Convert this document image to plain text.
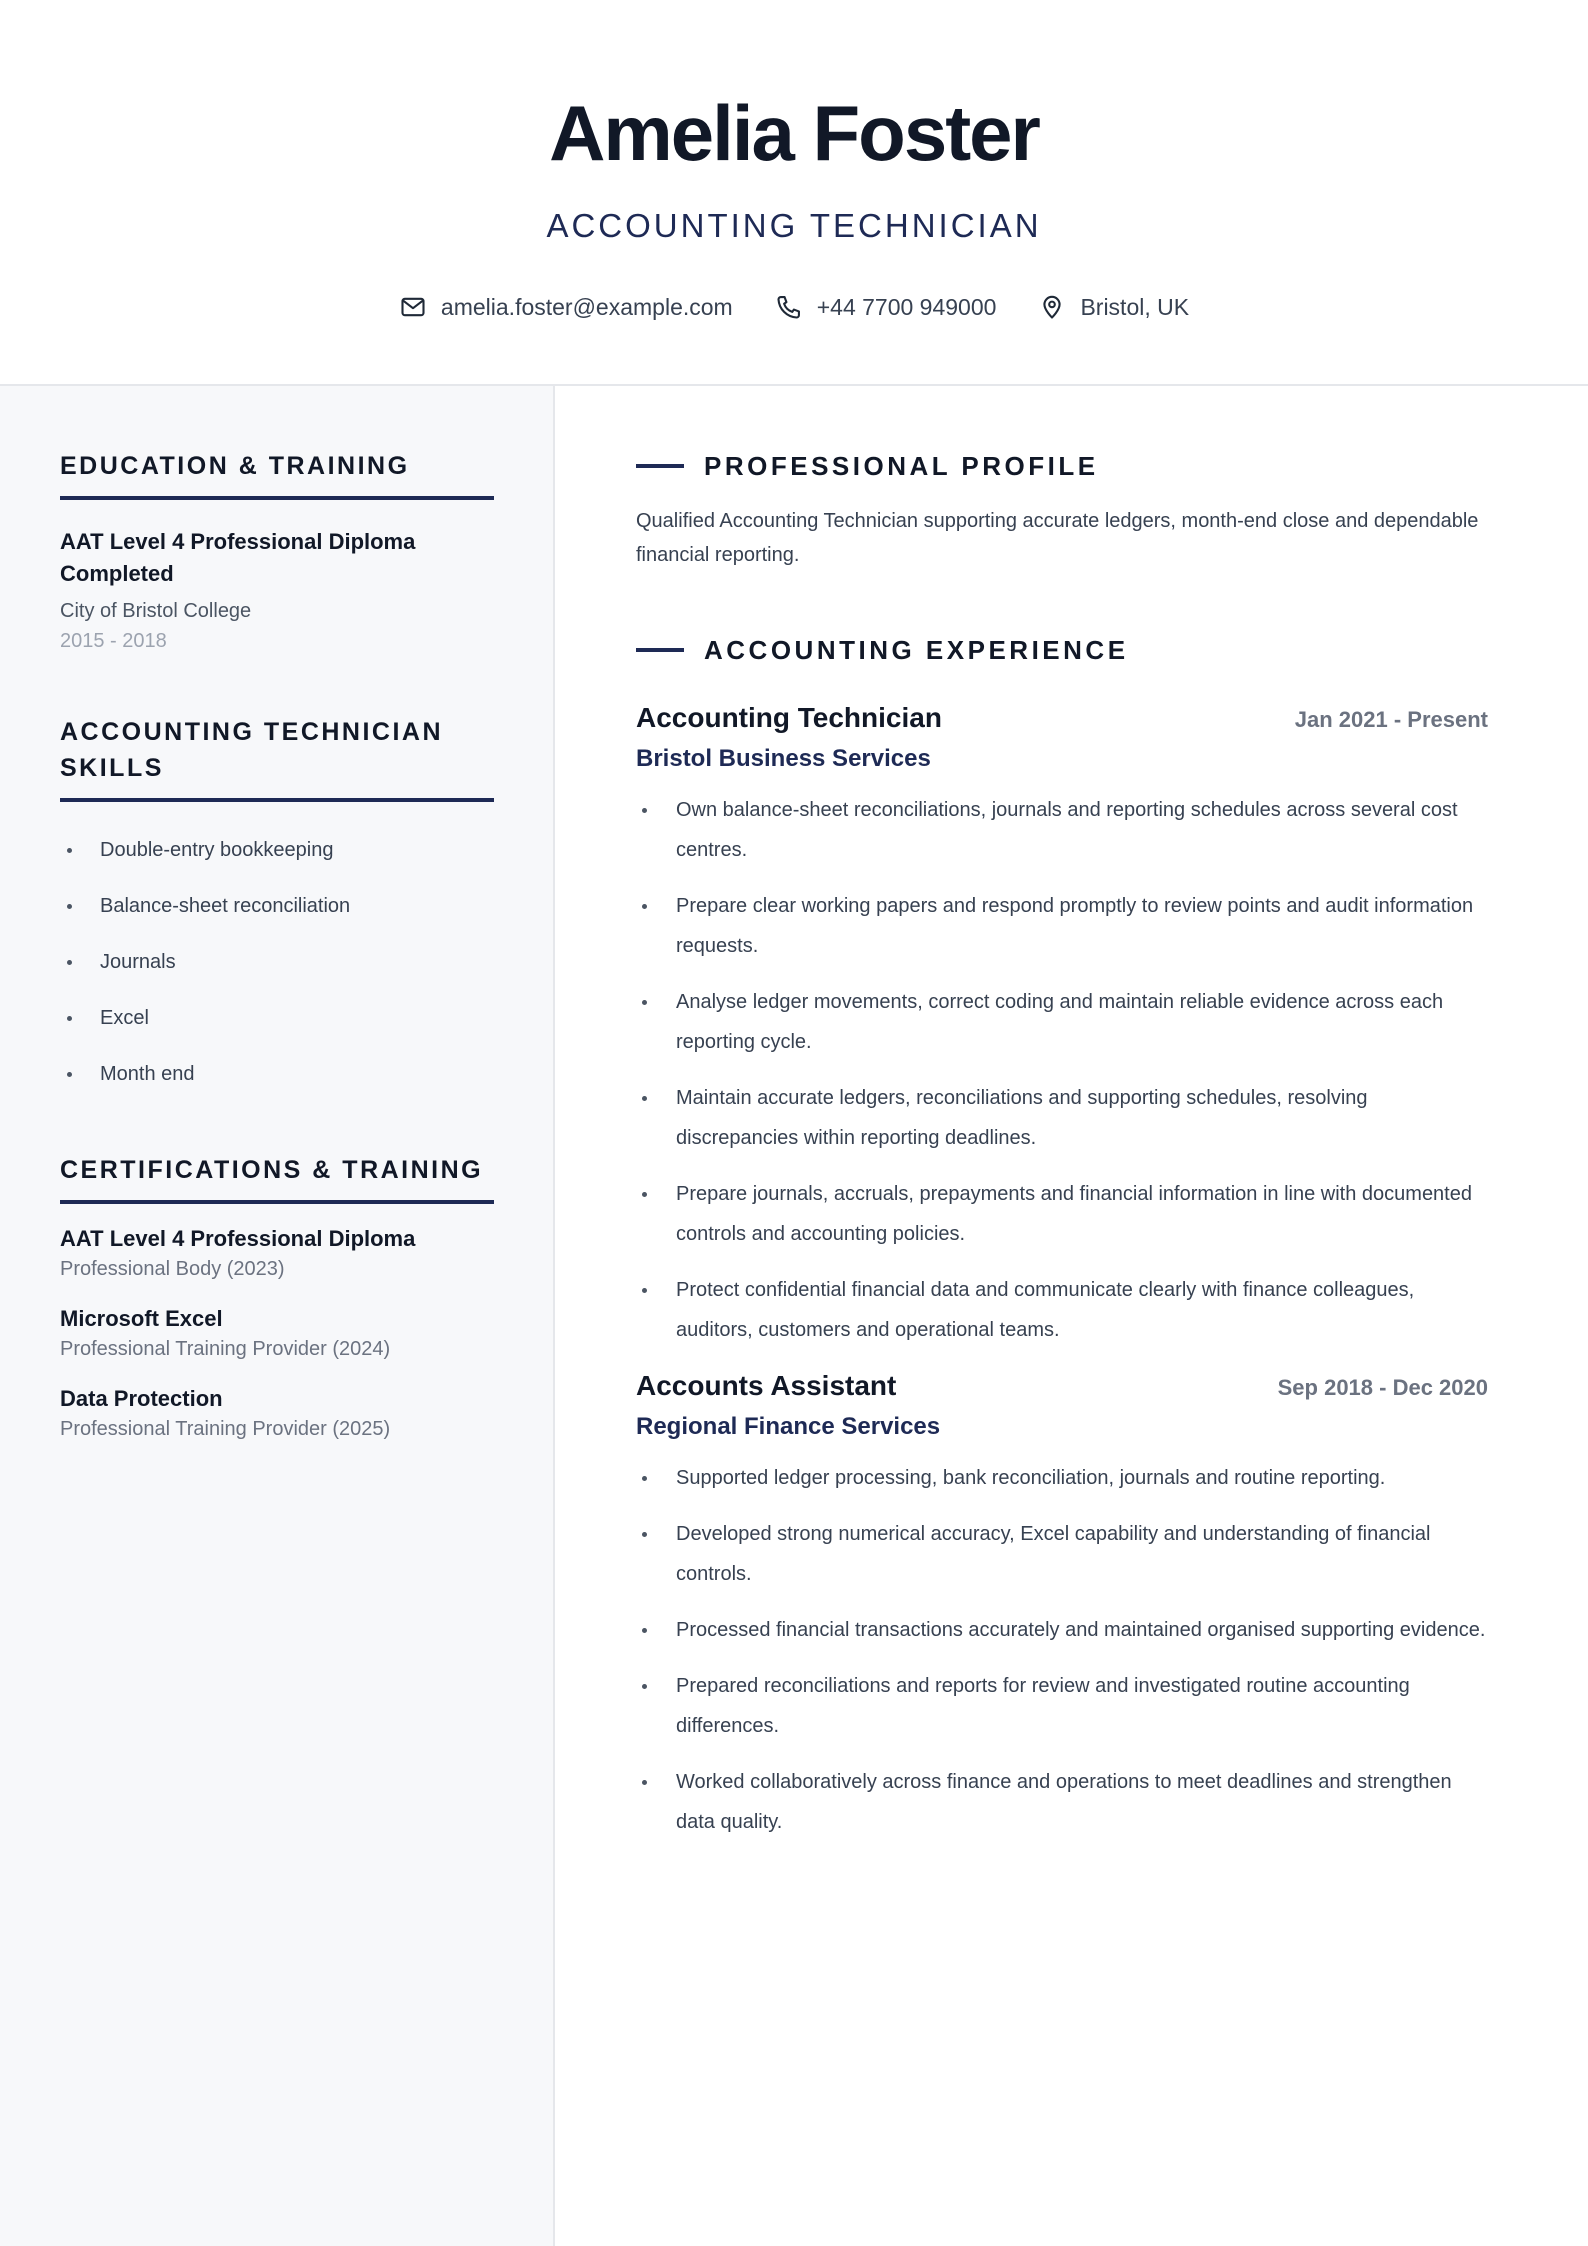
Amelia Foster
ACCOUNTING TECHNICIAN
amelia.foster@example.com	+44 7700 949000	Bristol, UK
EDUCATION & TRAINING
AAT Level 4 Professional Diploma Completed
City of Bristol College
2015 - 2018
ACCOUNTING TECHNICIAN SKILLS
Double-entry bookkeeping
Balance-sheet reconciliation
Journals
Excel
Month end
CERTIFICATIONS & TRAINING
AAT Level 4 Professional Diploma
Professional Body (2023)
Microsoft Excel
Professional Training Provider (2024)
Data Protection
Professional Training Provider (2025)
PROFESSIONAL PROFILE

Qualified Accounting Technician supporting accurate ledgers, month-end close and dependable financial reporting.

ACCOUNTING EXPERIENCE
Accounting Technician	Jan 2021 - Present
Bristol Business Services
Own balance-sheet reconciliations, journals and reporting schedules across several cost centres.
Prepare clear working papers and respond promptly to review points and audit information requests.
Analyse ledger movements, correct coding and maintain reliable evidence across each reporting cycle.
Maintain accurate ledgers, reconciliations and supporting schedules, resolving discrepancies within reporting deadlines.
Prepare journals, accruals, prepayments and financial information in line with documented controls and accounting policies.
Protect confidential financial data and communicate clearly with finance colleagues, auditors, customers and operational teams.
Accounts Assistant	Sep 2018 - Dec 2020
Regional Finance Services
Supported ledger processing, bank reconciliation, journals and routine reporting.
Developed strong numerical accuracy, Excel capability and understanding of financial controls.
Processed financial transactions accurately and maintained organised supporting evidence.
Prepared reconciliations and reports for review and investigated routine accounting differences.
Worked collaboratively across finance and operations to meet deadlines and strengthen data quality.
